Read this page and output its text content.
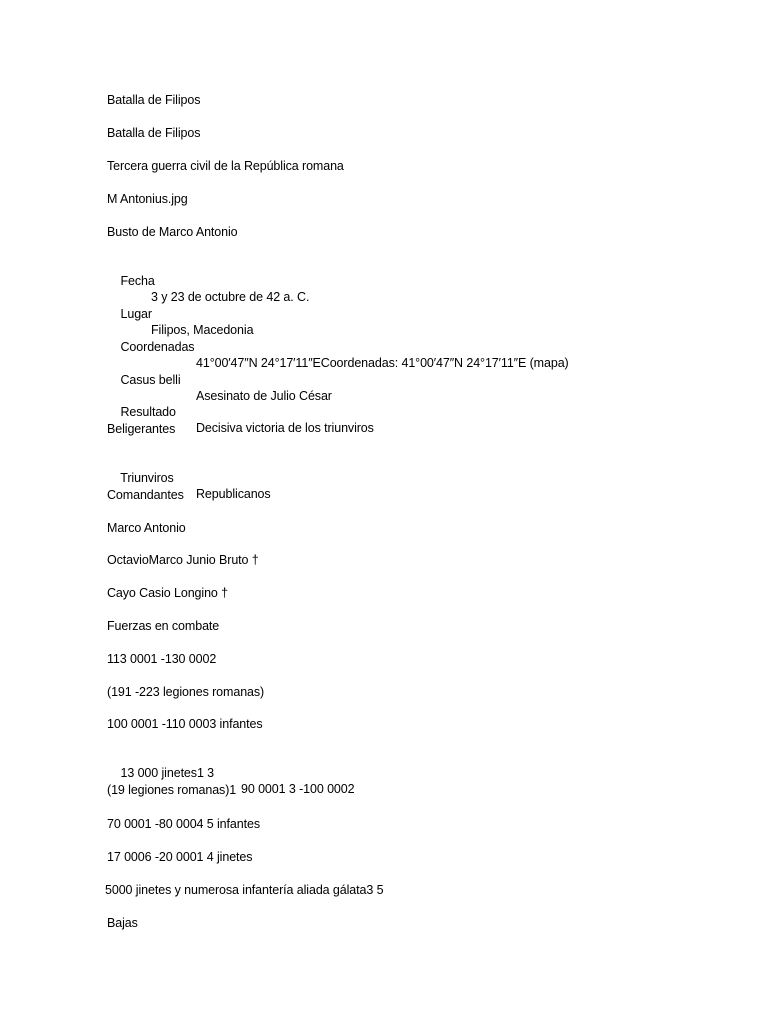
Batalla de Filipos
Batalla de Filipos
Tercera guerra civil de la República romana
M Antonius.jpg
Busto de Marco Antonio

Fecha

3 y 23 de octubre de 42 a. C.

Lugar

Filipos, Macedonia

Coordenadas

41°00′47″N 24°17′11″ECoordenadas: 41°00′47″N 24°17′11″E (mapa)

Casus belli

Asesinato de Julio César

Resultado

Decisiva victoria de los triunviros

Beligerantes

Triunviros

Republicanos

Comandantes
Marco Antonio
OctavioMarco Junio Bruto †
Cayo Casio Longino †
Fuerzas en combate
113 0001 -130 0002
(191 -223 legiones romanas)
100 0001 -110 0003 infantes

13 000 jinetes1 3

90 0001 3 -100 0002

(19 legiones romanas)1
70 0001 -80 0004 5 infantes
17 0006 -20 0001 4 jinetes
5000 jinetes y numerosa infantería aliada gálata3 5
Bajas
